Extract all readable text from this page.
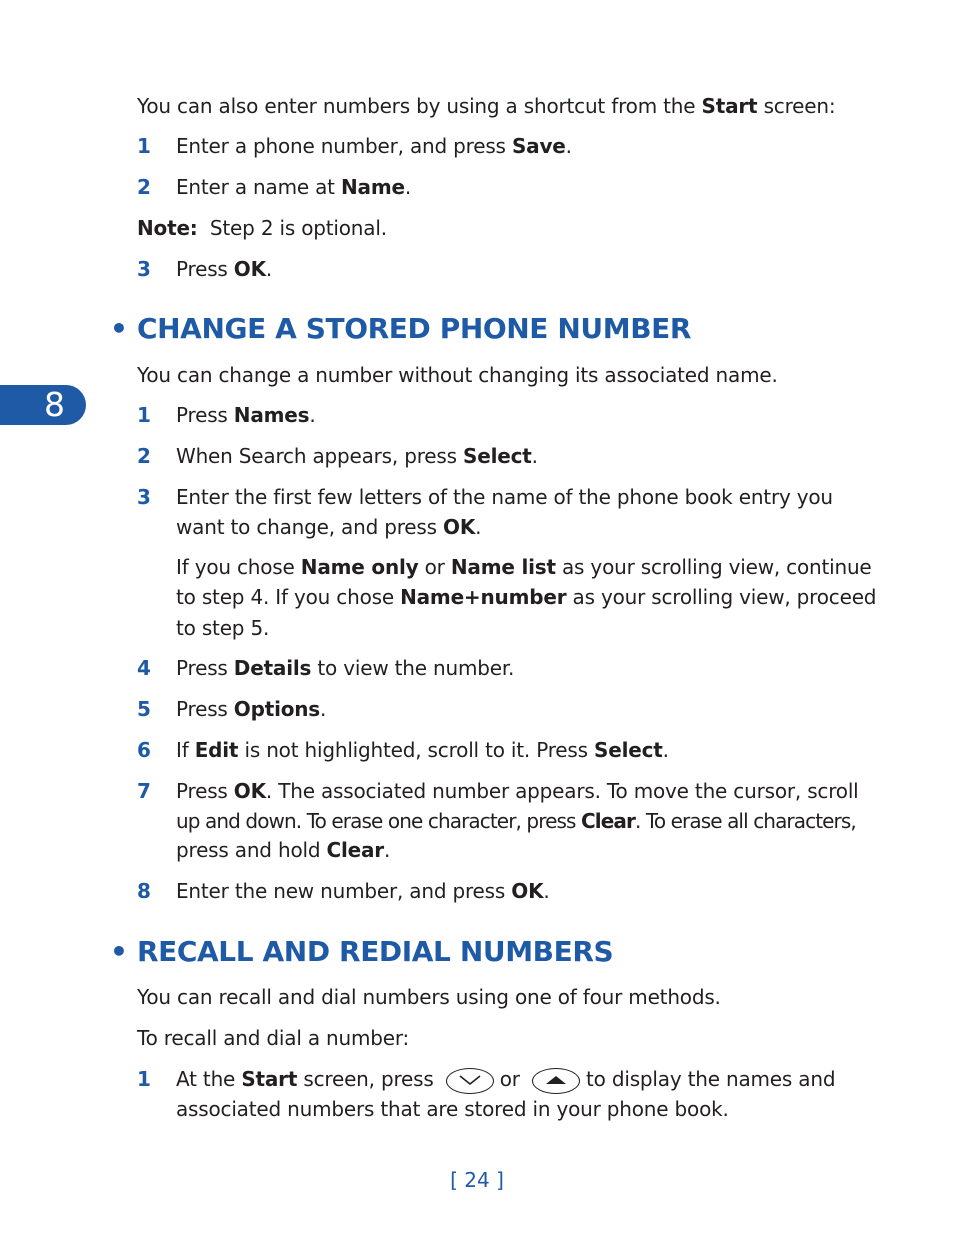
8

You can also enter numbers by using a shortcut from the Start screen:

1	Enter a phone number, and press Save.
2	Enter a name at Name.

Note:  Step 2 is optional.

3	Press OK.
• CHANGE A STORED PHONE NUMBER

You can change a number without changing its associated name.

1	Press Names.
2	When Search appears, press Select.
3	Enter the first few letters of the name of the phone book entry you
want to change, and press OK.
If you chose Name only or Name list as your scrolling view, continue
to step 4. If you chose Name+number as your scrolling view, proceed
to step 5.
4	Press Details to view the number.
5	Press Options.
6	If Edit is not highlighted, scroll to it. Press Select.
7	Press OK. The associated number appears. To move the cursor, scroll
up and down. To erase one character, press Clear. To erase all characters,
press and hold Clear.
8	Enter the new number, and press OK.
• RECALL AND REDIAL NUMBERS

You can recall and dial numbers using one of four methods.

To recall and dial a number:

1	At the Start screen, press	or	to display the names and
associated numbers that are stored in your phone book.
[ 24 ]
